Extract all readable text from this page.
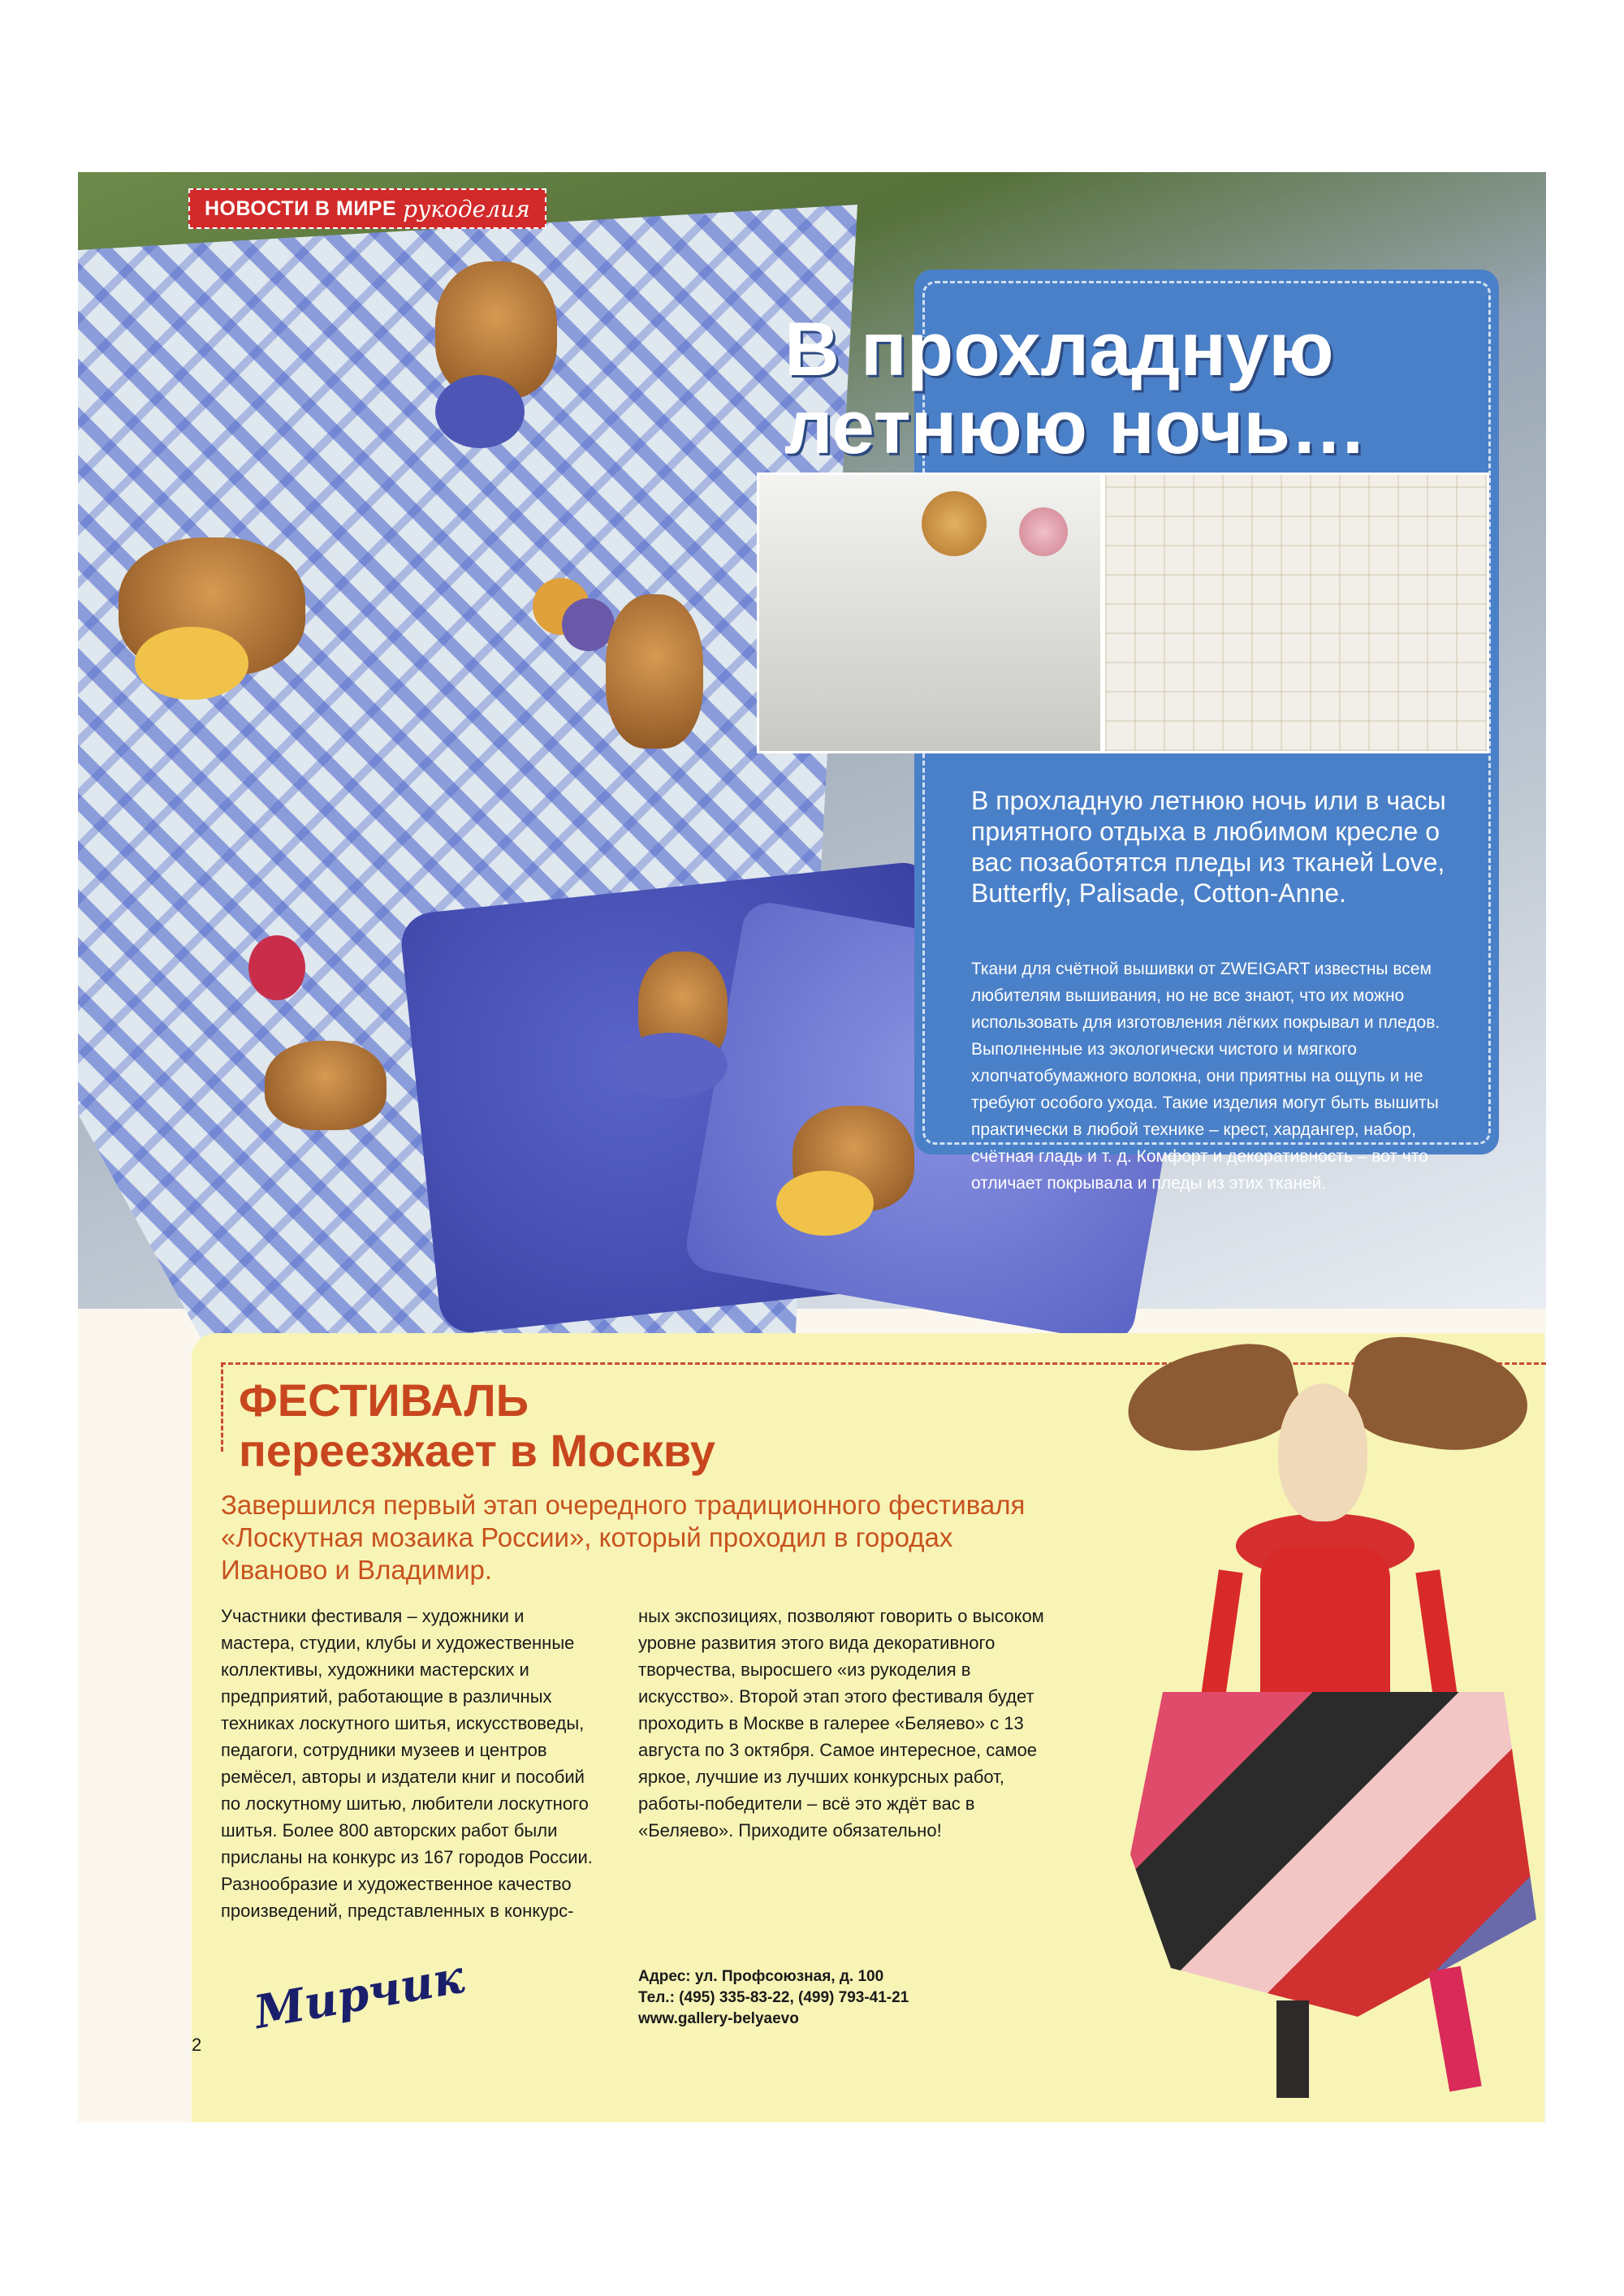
НОВОСТИ В МИРЕ рукоделия
В прохладную
летнюю ночь…

В прохладную летнюю ночь или в часы приятного отдыха в любимом кресле о вас позаботятся пледы из тканей Love, Butterfly, Palisade, Cotton-Anne.

Ткани для счётной вышивки от ZWEIGART известны всем любителям вышивания, но не все знают, что их можно использовать для изготовления лёгких покрывал и пледов. Выполненные из экологически чистого и мягкого хлопчатобумажного волокна, они приятны на ощупь и не требуют особого ухода. Такие изделия могут быть вышиты практически в любой технике – крест, хардангер, набор, счётная гладь и т. д. Комфорт и декоративность – вот что отличает покрывала и пледы из этих тканей.

ФЕСТИВАЛЬ
переезжает в Москву

Завершился первый этап очередного традиционного фестиваля «Лоскутная мозаика России», который проходил в городах Иваново и Владимир.

Участники фестиваля – художники и мастера, студии, клубы и художественные коллективы, художники мастерских и предприятий, работающие в различных техниках лоскутного шитья, искусствоведы, педагоги, сотрудники музеев и центров ремёсел, авторы и издатели книг и пособий по лоскутному шитью, любители лоскутного шитья. Более 800 авторских работ были присланы на конкурс из 167 городов России. Разнообразие и художественное качество произведений, представленных в конкурс-

ных экспозициях, позволяют говорить о высоком уровне развития этого вида декоративного творчества, выросшего «из рукоделия в искусство». Второй этап этого фестиваля будет проходить в Москве в галерее «Беляево» с 13 августа по 3 октября. Самое интересное, самое яркое, лучшие из лучших конкурсных работ, работы-победители – всё это ждёт вас в «Беляево». Приходите обязательно!

Адрес: ул. Профсоюзная, д. 100
Тел.: (495) 335-83-22, (499) 793-41-21
www.gallery-belyaevo
Мирчик
2
